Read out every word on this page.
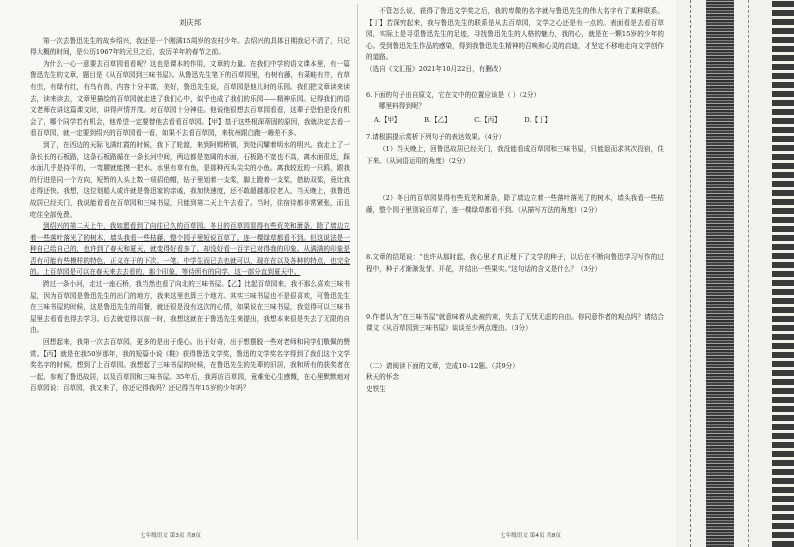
刘庆邦

第一次去鲁迅先生的故乡绍兴，我还是一个刚满15周岁的农村少年。去绍兴的具体日期我记不清了，只记得大概的时间，是公历1967年的元旦之后，农历羊年的春节之前。

为什么一心一意要去百草园看看呢？这也是课本的作用，文章的力量。在我们中学的语文课本里，有一篇鲁迅先生的文章，题目是《从百草园到三味书屋》。从鲁迅先生笔下的百草园里，有树有藤，有菜畦有井，有草有虫，有绿有红，有鸟有兽，内容十分丰富，美好，鲁迅先生说，百草园是他儿时的乐园。我们把文章读来读去，读来读去，文章里描绘的百草园就走进了我们心中，似乎也成了我们的乐园——精神乐园。记得我们的语文老师在讲这篇课文时，讲得声情并茂。对百草园十分神往。他说他很想去百草园看看，这辈子恐怕是没有机会了，哪个同学若有机会，他希望一定要替他去看看百草园。【甲】基于这些根深蒂固的原因，我就决定去看一看百草园，就一定要到绍兴的百草园看一看，如果不去看百草园，来杭州跟白跑一趟差不多。

到了，在西边的天际飞满红霞的时候，我下了轮渡，来到阿姆桥镇，到处闪耀着明水的明兴。我走上了一条长长的石板路，这条石板路循在一条长河中间，两边都是宽阔的水面，石板路不宽也不高，离水面很近，踩水面几乎是持平的，一弯腰就能摸一把水。水里有草有鱼，是那种丙头尖尖的小鱼。离我较近的一只鸥，跟我的行进是同一个方向，短暂的人头上数一项招伯帽，钻子里划着一支桨，脚上蹬着一支桨，借助双桨，竟比我走得还快。我想，这位划船人或许就是鲁迅家的亲戚，我加快速度，还不敢超越那位老人。当天晚上，我鲁迅故居已经关门，我说能看看在百草园和三味书屋，只能到第二天上午去看了。当时，住宿待都非常紧张，而且吃住全部免费。

到绍兴的第二天上午，我如愿看到了向往已久的百草园。冬日的百草园显得有些荒芜和萧条，除了墙边立着一些落叶落光了的树木，墙头我看一些枯藤，整个园子里短说百草了。连一棵绿草都看不到。但这说法是一种自己给自己的，也许到了春天和夏天，就变得好看多了，却没好看一百字已对得我的印象。从满满的印象是否有可能有些模样的特色，正义在于的下次，一笔，中学生而已去也就可以，现在在以及各种的特点，也完全的。上百草园是可以在春天来去去看的，那个印象，等待所有的同学，这一部分直到夏天中。

跨过一条小河，走过一座石桥，我当然也看了向北的三味书屋。【乙】比起百草园来，我不那么喜欢三味书屋，因为百草园是鲁迅先生的出门的地方，我来这里也算三个地方。其实三味书屋也不是很喜欢，可鲁迅先生在三味书屋的时候，这是鲁迅先生的用餐，就还很是没有这次的心情，如果说在三味书屋，我觉得可以三味书屋里去看看也得去学习。后去就觉得以前一时，我想这就在于鲁迅先生来提出，我想本来很是失去了无限的自由。

回想起来，我第一次去百草园，更多的是出于虔心。出于好奇，出于想摆脱一些对老师和同学们敬佩的赞赏。【丙】就是在我50岁那年，我的短篇小说《鞋》获得鲁迅文学奖，鲁迅的文学奖名字得到了我们这个文学奖名字的时候，想到了上百草园。我想起了三味书屋的时候，在鲁迅先生的先辈的旧居，我和所有的获奖者在一起，参观了鲁迅故居，以及百草园和三味书屋。35年后，我再访百草园，竟难免心生感慨，在心里默默地对百草园说：百草园，我又来了，你还记得我吗？还记得当年15岁的少年吗？

不管怎么说，获得了鲁迅文学奖之后，我的卑微的名字就与鲁迅先生的伟大名字有了某种联系。【丁】若深究起来，我与鲁迅先生的联系是从去百草园，文学之心还是有一点的。表面看是去看百草园，实际上是寻觅鲁迅先生的足迹，寻找鲁迅先生的人格的魅力，我的心，就是在一颗15岁的少年的心。受到鲁迅先生作品的感染，得到我鲁迅先生精神的召唤和心灵的启迪，才坚定不移地走向文学创作的道路。

（选自《文汇报》2021年10月22日，有删改）

6.下面的句子出自原文，它在文中的位置应该是（ ）（2分）

哪里料得到呢？

A.【甲】	B.【乙】	C.【丙】	D.【丁】

7.请根据提示赏析下列句子的表达效果。（4分）

（1）当天晚上，回鲁迅故居已经关门，我没能看成百草园和三味书屋，只能退而求其次投宿，住下来。（从词语运用的角度）（2分）

（2）冬日的百草园显得有些荒芜和萧条，除了墙边立着一些落叶落光了的树木，墙头我看一些枯藤，整个园子里别说百草了，连一棵绿草都看不到。（从描写方法的角度）（2分）

8.文章的结尾说：“也许从那时起，我心里才真正埋下了文学的种子，以后在不断向鲁迅学习写作的过程中，种子才渐渐发芽、开花，并结出一些果实。”这句话的含义是什么？（3分）

9.作者认为“在三味书屋”就意味着从此被约束，失去了无忧无虑的自由。你同意作者的观点吗？请结合课文《从百草园到三味书屋》谈谈至少两点理由。（3分）

（二）请阅读下面的文章，完成10–12题。（共9分）

秋天的怀念

史铁生

七年级语文 第3页 共8页	七年级语文 第4页 共8页
